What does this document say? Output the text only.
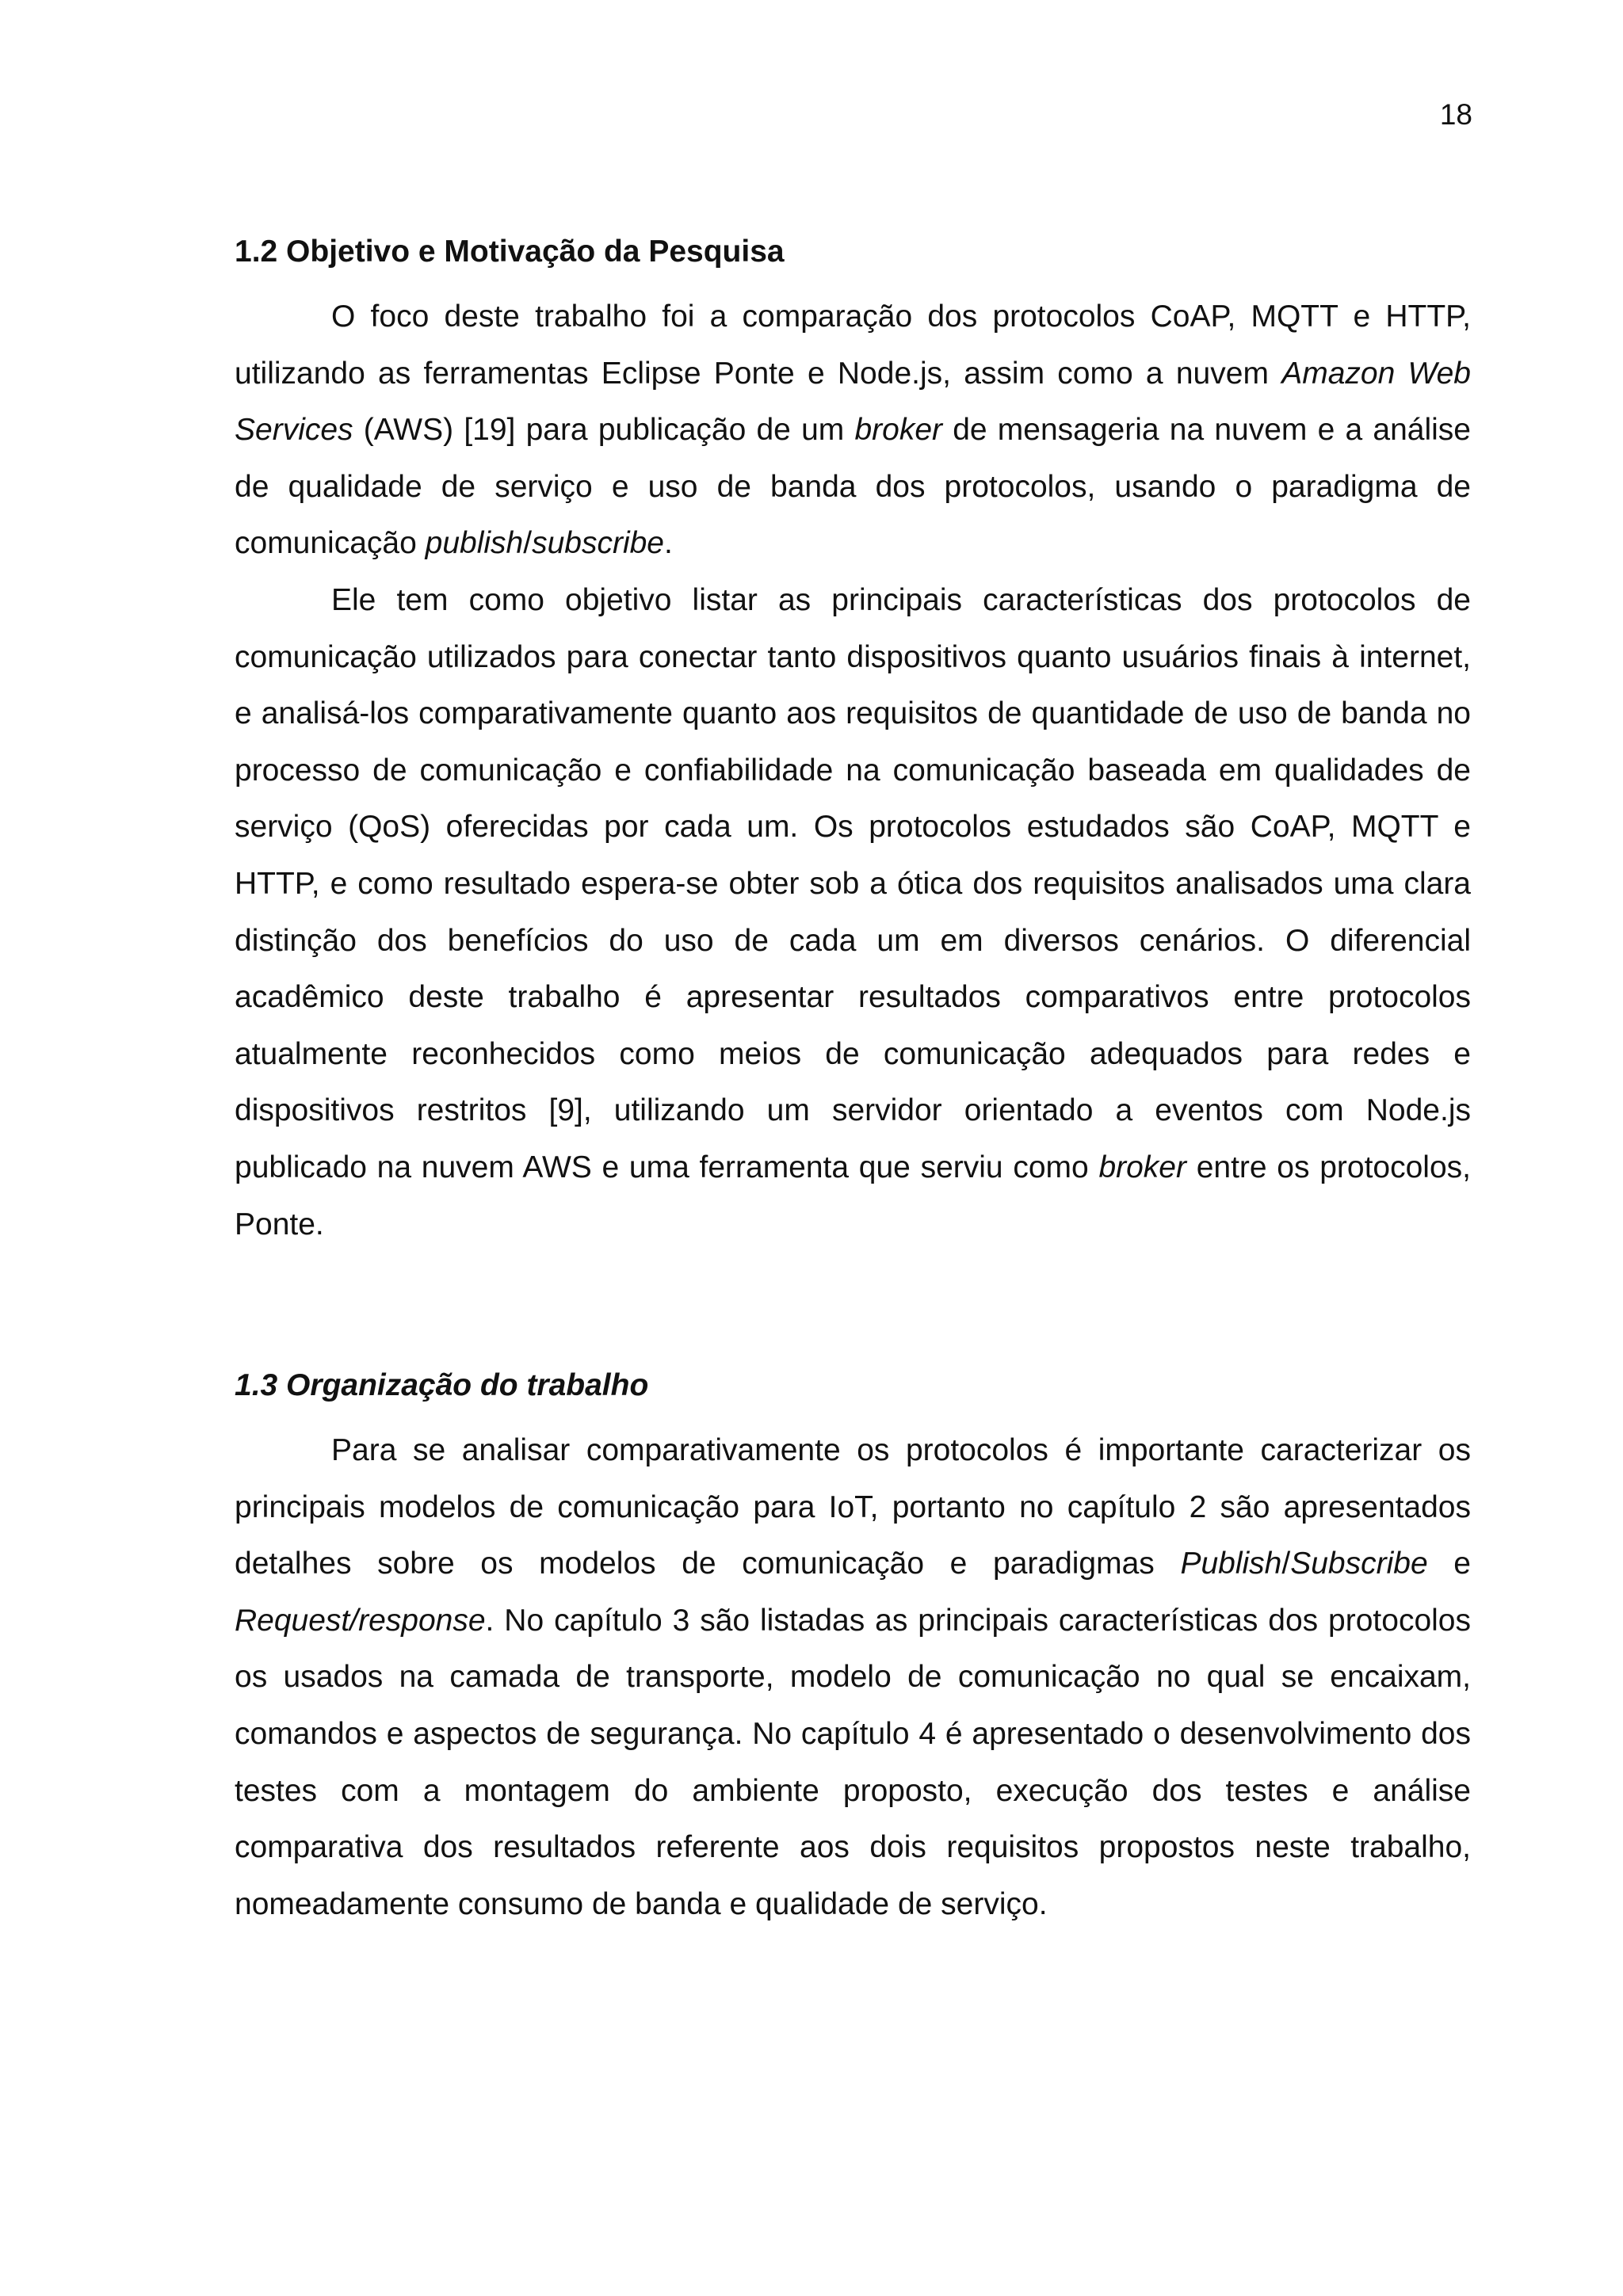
18
1.2 Objetivo e Motivação da Pesquisa

O foco deste trabalho foi a comparação dos protocolos CoAP, MQTT e HTTP, utilizando as ferramentas Eclipse Ponte e Node.js, assim como a nuvem Amazon Web Services (AWS) [19] para publicação de um broker de mensageria na nuvem e a análise de qualidade de serviço e uso de banda dos protocolos, usando o paradigma de comunicação publish/subscribe.

Ele tem como objetivo listar as principais características dos protocolos de comunicação utilizados para conectar tanto dispositivos quanto usuários finais à internet, e analisá-los comparativamente quanto aos requisitos de quantidade de uso de banda no processo de comunicação e confiabilidade na comunicação baseada em qualidades de serviço (QoS) oferecidas por cada um. Os protocolos estudados são CoAP, MQTT e HTTP, e como resultado espera-se obter sob a ótica dos requisitos analisados uma clara distinção dos benefícios do uso de cada um em diversos cenários. O diferencial acadêmico deste trabalho é apresentar resultados comparativos entre protocolos atualmente reconhecidos como meios de comunicação adequados para redes e dispositivos restritos [9], utilizando um servidor orientado a eventos com Node.js publicado na nuvem AWS e uma ferramenta que serviu como broker entre os protocolos, Ponte.

1.3 Organização do trabalho

Para se analisar comparativamente os protocolos é importante caracterizar os principais modelos de comunicação para IoT, portanto no capítulo 2 são apresentados detalhes sobre os modelos de comunicação e paradigmas Publish/Subscribe e Request/response. No capítulo 3 são listadas as principais características dos protocolos os usados na camada de transporte, modelo de comunicação no qual se encaixam, comandos e aspectos de segurança. No capítulo 4 é apresentado o desenvolvimento dos testes com a montagem do ambiente proposto, execução dos testes e análise comparativa dos resultados referente aos dois requisitos propostos neste trabalho, nomeadamente consumo de banda e qualidade de serviço.
